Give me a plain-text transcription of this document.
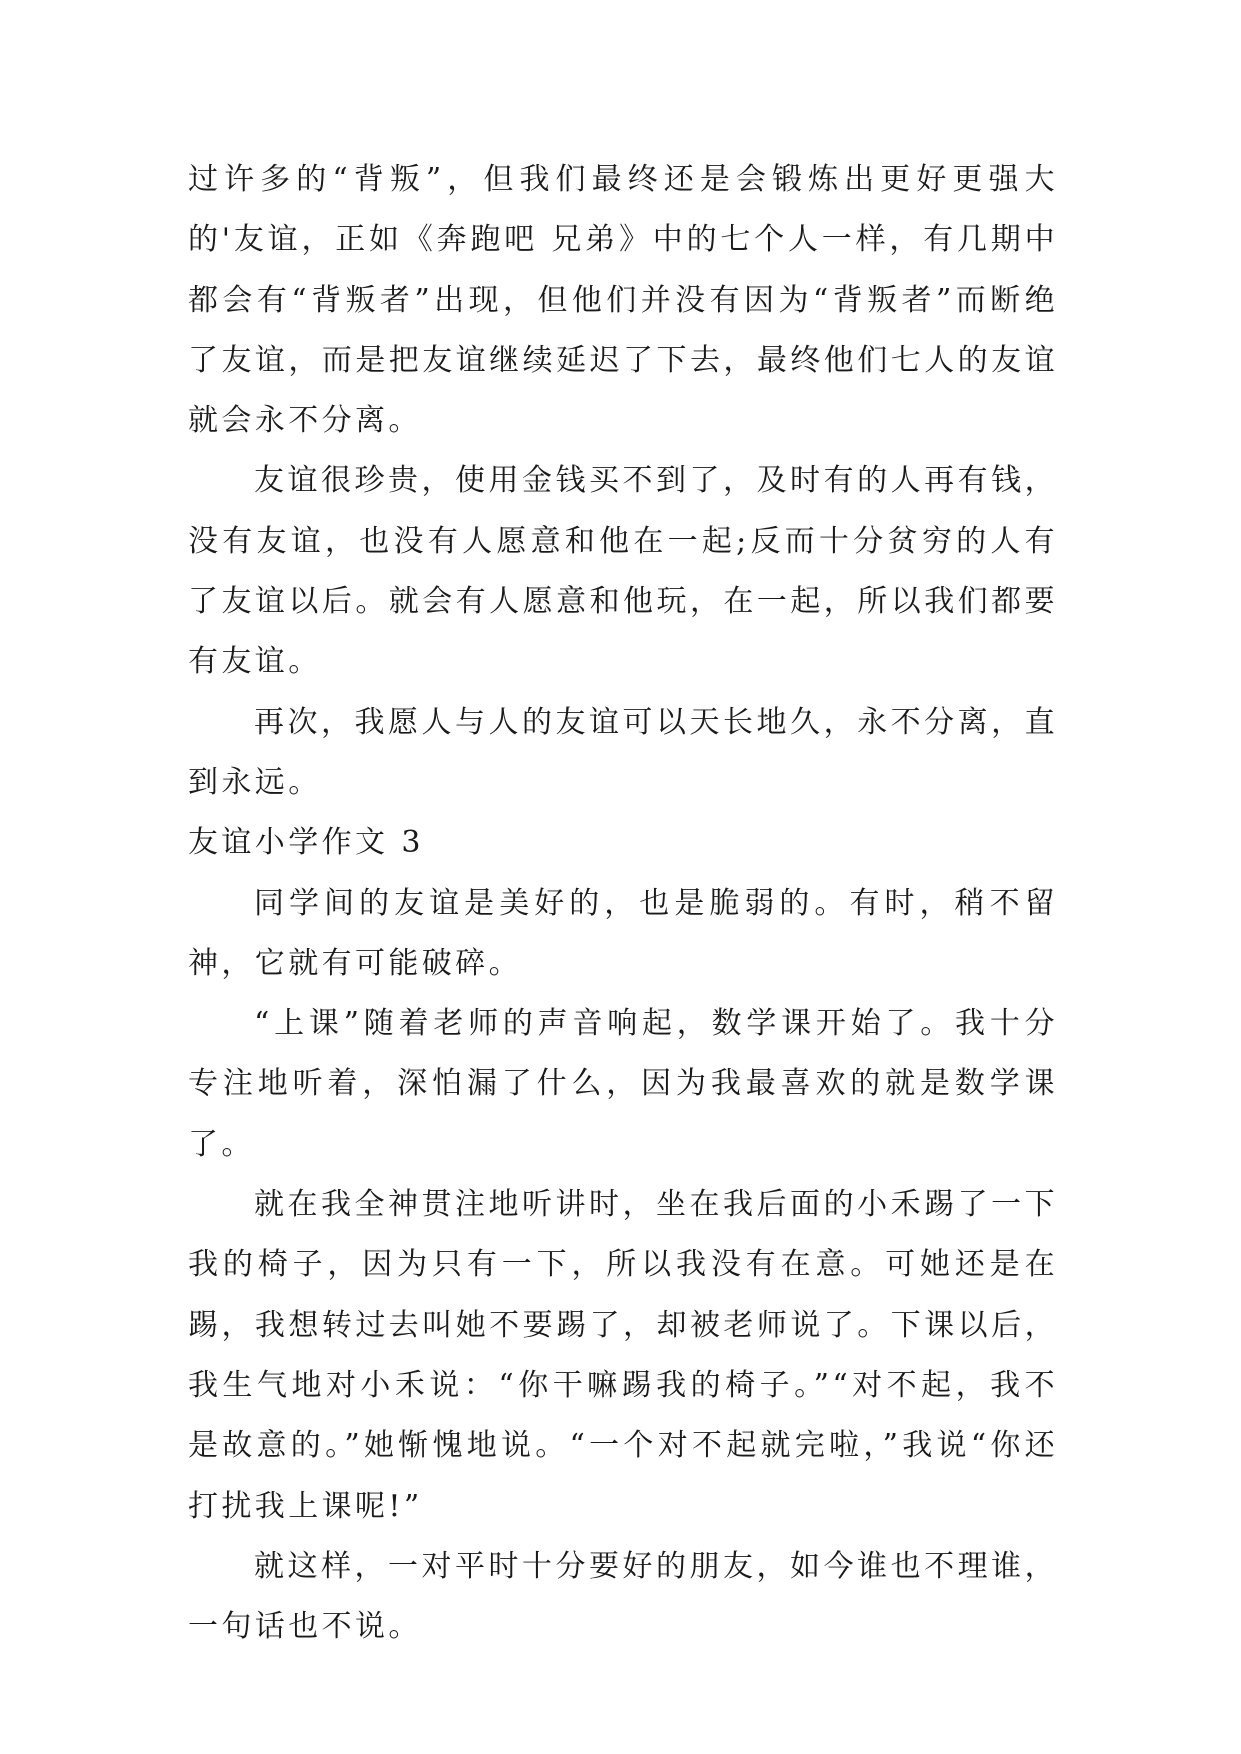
过许多的“背叛”，但我们最终还是会锻炼出更好更强大的'友谊，正如《奔跑吧 兄弟》中的七个人一样，有几期中都会有“背叛者”出现，但他们并没有因为“背叛者”而断绝了友谊，而是把友谊继续延迟了下去，最终他们七人的友谊就会永不分离。

友谊很珍贵，使用金钱买不到了，及时有的人再有钱，没有友谊，也没有人愿意和他在一起;反而十分贫穷的人有了友谊以后。就会有人愿意和他玩，在一起，所以我们都要有友谊。

再次，我愿人与人的友谊可以天长地久，永不分离，直到永远。

友谊小学作文 3

同学间的友谊是美好的，也是脆弱的。有时，稍不留神，它就有可能破碎。

“上课”随着老师的声音响起，数学课开始了。我十分专注地听着，深怕漏了什么，因为我最喜欢的就是数学课了。

就在我全神贯注地听讲时，坐在我后面的小禾踢了一下我的椅子，因为只有一下，所以我没有在意。可她还是在踢，我想转过去叫她不要踢了，却被老师说了。下课以后，我生气地对小禾说：“你干嘛踢我的椅子。”“对不起，我不是故意的。”她惭愧地说。“一个对不起就完啦，”我说“你还打扰我上课呢!”

就这样，一对平时十分要好的朋友，如今谁也不理谁，一句话也不说。
